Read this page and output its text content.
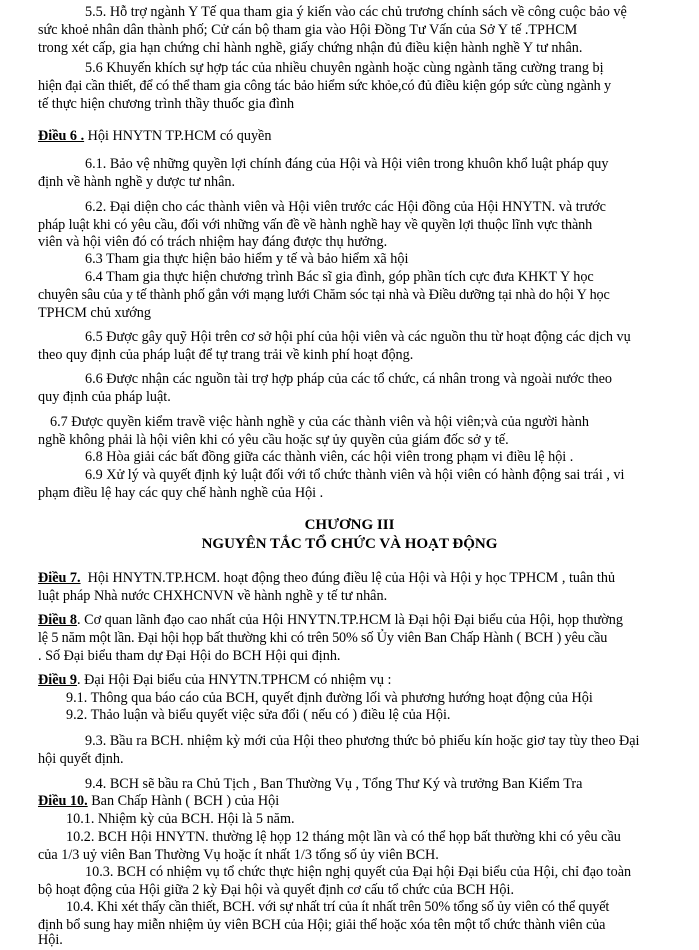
5.5. Hỗ trợ ngành Y Tế qua tham gia ý kiến vào các chủ trương chính sách về công cuộc bảo vệ
sức khoẻ nhân dân thành phố; Cử cán bộ tham gia vào Hội Đồng Tư Vấn của Sở Y tế .TPHCM
trong xét cấp, gia hạn chứng chỉ hành nghề, giấy chứng nhận đủ điều kiện hành nghề Y tư nhân.
5.6 Khuyến khích sự hợp tác của nhiều chuyên ngành hoặc cùng ngành tăng cường trang bị
hiện đại cần thiết, để có thể tham gia công tác bảo hiểm sức khỏe,có đủ điều kiện góp sức cùng ngành y
tế thực hiện chương trình thầy thuốc gia đình
Điều 6 . Hội HNYTN TP.HCM có quyền
6.1. Bảo vệ những quyền lợi chính đáng của Hội và Hội viên trong khuôn khổ luật pháp quy
định về hành nghề y dược tư nhân.
6.2. Đại diện cho các thành viên và Hội viên trước các Hội đồng của Hội HNYTN. và trước
pháp luật khi có yêu cầu, đối với những vấn đề về hành nghề hay về quyền lợi thuộc lĩnh vực thành
viên và hội viên đó có trách nhiệm hay đáng được thụ hưởng.
6.3 Tham gia thực hiện bảo hiểm y tế và bảo hiểm xã hội
6.4 Tham gia thực hiện chương trình Bác sĩ gia đình, góp phần tích cực đưa KHKT Y học
chuyên sâu của y tế thành phố gắn với mạng lưới Chăm sóc tại nhà và Điều dưỡng tại nhà do hội Y học
TPHCM chủ xướng
6.5 Được gây quỹ Hội trên cơ sở hội phí của hội viên và các nguồn thu từ hoạt động các dịch vụ
theo quy định của pháp luật để tự trang trải về kinh phí hoạt động.
6.6 Được nhận các nguồn tài trợ hợp pháp của các tổ chức, cá nhân trong và ngoài nước theo
quy định của pháp luật.
6.7 Được quyền kiểm travề việc hành nghề y của các thành viên và hội viên;và của người hành
nghề không phải là hội viên khi có yêu cầu hoặc sự ủy quyền của giám đốc sở y tế.
6.8 Hòa giải các bất đồng giữa các thành viên, các hội viên trong phạm vi điều lệ hội .
6.9 Xử lý và quyết định kỷ luật đối với tổ chức thành viên và hội viên có hành động sai trái , vi
phạm điều lệ hay các quy chế hành nghề của Hội .
CHƯƠNG III
NGUYÊN TẮC TỔ CHỨC VÀ HOẠT ĐỘNG
Điều 7. Hội HNYTN.TP.HCM. hoạt động theo đúng điều lệ của Hội và Hội y học TPHCM , tuân thủ
luật pháp Nhà nước CHXHCNVN về hành nghề y tế tư nhân.
Điều 8. Cơ quan lãnh đạo cao nhất của Hội HNYTN.TP.HCM là Đại hội Đại biểu của Hội, họp thường
lệ 5 năm một lần. Đại hội họp bất thường khi có trên 50% số Ủy viên Ban Chấp Hành ( BCH ) yêu cầu
. Số Đại biểu tham dự Đại Hội do BCH Hội qui định.
Điều 9. Đại Hội Đại biểu của HNYTN.TPHCM có nhiệm vụ :
9.1. Thông qua báo cáo của BCH, quyết định đường lối và phương hướng hoạt động của Hội
9.2. Thảo luận và biểu quyết việc sửa đổi ( nếu có ) điều lệ của Hội.
9.3. Bầu ra BCH. nhiệm kỳ mới của Hội theo phương thức bỏ phiếu kín hoặc giơ tay tùy theo Đại
hội quyết định.
9.4. BCH sẽ bầu ra Chủ Tịch , Ban Thường Vụ , Tổng Thư Ký và trưởng Ban Kiểm Tra
Điều 10. Ban Chấp Hành ( BCH ) của Hội
10.1. Nhiệm kỳ của BCH. Hội là 5 năm.
10.2. BCH Hội HNYTN. thường lệ họp 12 tháng một lần và có thể họp bất thường khi có yêu cầu
của 1/3 uỷ viên Ban Thường Vụ hoặc ít nhất 1/3 tổng số ủy viên BCH.
10.3. BCH có nhiệm vụ tổ chức thực hiện nghị quyết của Đại hội Đại biểu của Hội, chỉ đạo toàn
bộ hoạt động của Hội giữa 2 kỳ Đại hội và quyết định cơ cấu tổ chức của BCH Hội.
10.4. Khi xét thấy cần thiết, BCH. với sự nhất trí của ít nhất trên 50% tổng số ủy viên có thể quyết
định bổ sung hay miễn nhiệm ủy viên BCH của Hội; giải thể hoặc xóa tên một tổ chức thành viên của
Hội.
